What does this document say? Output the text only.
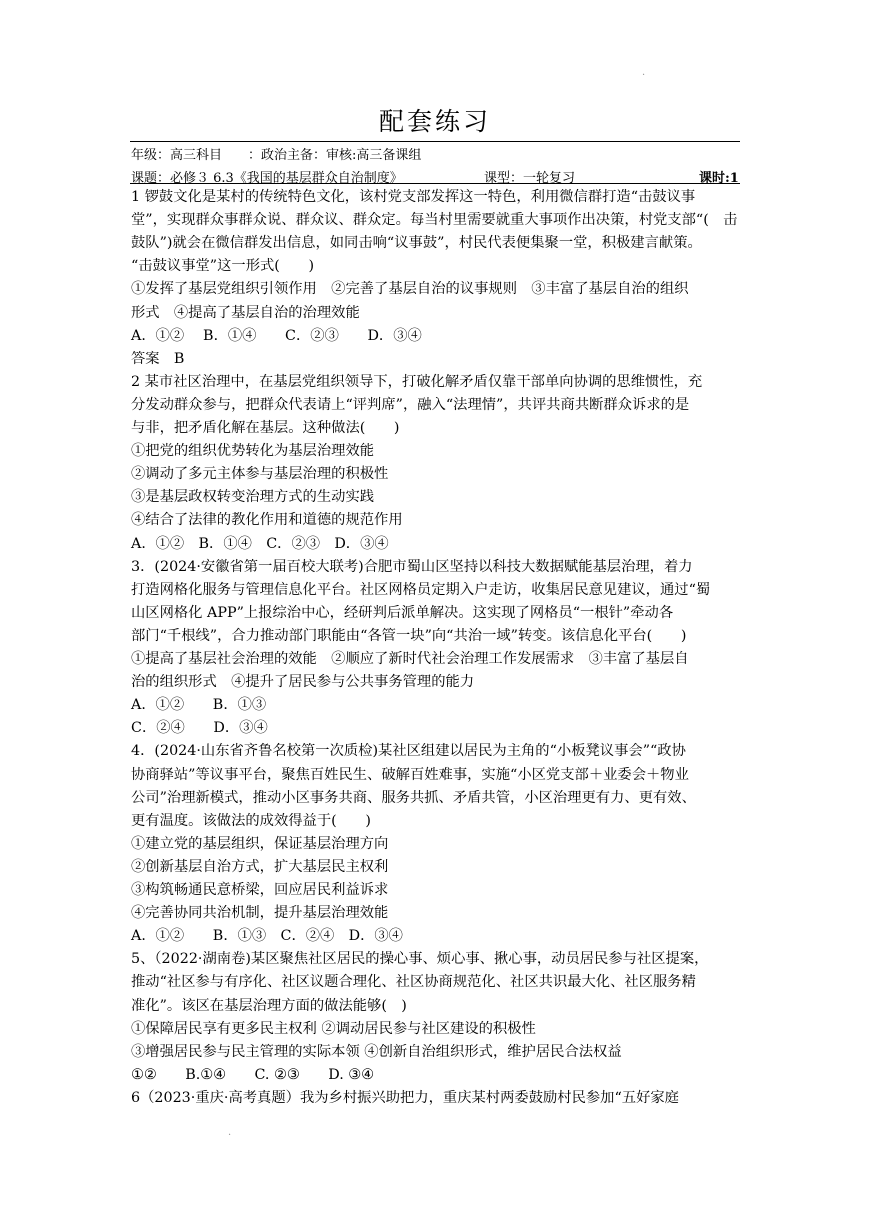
·
配套练习
年级：高三科目　　：政治主备：审核:高三备课组
课题：必修３ 6.3《我国的基层群众自治制度》	课型：一轮复习	课时:1
1 锣鼓文化是某村的传统特色文化，该村党支部发挥这一特色，利用微信群打造“击鼓议事
堂”，实现群众事群众说、群众议、群众定。每当村里需要就重大事项作出决策，村党支部“(　击
鼓队”)就会在微信群发出信息，如同击响“议事鼓”，村民代表便集聚一堂，积极建言献策。
“击鼓议事堂”这一形式(　　)
①发挥了基层党组织引领作用　②完善了基层自治的议事规则　③丰富了基层自治的组织
形式　④提高了基层自治的治理效能
A．①②　 B．①④　　C．②③　　D．③④
答案　B
2 某市社区治理中，在基层党组织领导下，打破化解矛盾仅靠干部单向协调的思维惯性，充
分发动群众参与，把群众代表请上“评判席”，融入“法理情”，共评共商共断群众诉求的是
与非，把矛盾化解在基层。这种做法(　　)
①把党的组织优势转化为基层治理效能
②调动了多元主体参与基层治理的积极性
③是基层政权转变治理方式的生动实践
④结合了法律的教化作用和道德的规范作用
A．①②　B．①④　C．②③　D．③④
3．(2024·安徽省第一届百校大联考)合肥市蜀山区坚持以科技大数据赋能基层治理，着力
打造网格化服务与管理信息化平台。社区网格员定期入户走访，收集居民意见建议，通过“蜀
山区网格化 APP”上报综治中心，经研判后派单解决。这实现了网格员“一根针”牵动各
部门“千根线”，合力推动部门职能由“各管一块”向“共治一域”转变。该信息化平台(　　)
①提高了基层社会治理的效能　②顺应了新时代社会治理工作发展需求　③丰富了基层自
治的组织形式　④提升了居民参与公共事务管理的能力
A．①②　　B．①③
C．②④　　D．③④
4．(2024·山东省齐鲁名校第一次质检)某社区组建以居民为主角的“小板凳议事会”“政协
协商驿站”等议事平台，聚焦百姓民生、破解百姓难事，实施“小区党支部＋业委会＋物业
公司”治理新模式，推动小区事务共商、服务共抓、矛盾共管，小区治理更有力、更有效、
更有温度。该做法的成效得益于(　　)
①建立党的基层组织，保证基层治理方向
②创新基层自治方式，扩大基层民主权利
③构筑畅通民意桥梁，回应居民利益诉求
④完善协同共治机制，提升基层治理效能
A．①②　　B．①③　C．②④　D．③④
5、（2022·湖南卷)某区聚焦社区居民的操心事、烦心事、揪心事，动员居民参与社区提案，
推动“社区参与有序化、社区议题合理化、社区协商规范化、社区共识最大化、社区服务精
准化”。该区在基层治理方面的做法能够(　)
①保障居民享有更多民主权利 ②调动居民参与社区建设的积极性
③增强居民参与民主管理的实际本领 ④创新自治组织形式，维护居民合法权益
①②　　B.①④　　C. ②③　　D. ③④
6（2023·重庆·高考真题）我为乡村振兴助把力，重庆某村两委鼓励村民参加“五好家庭
·
